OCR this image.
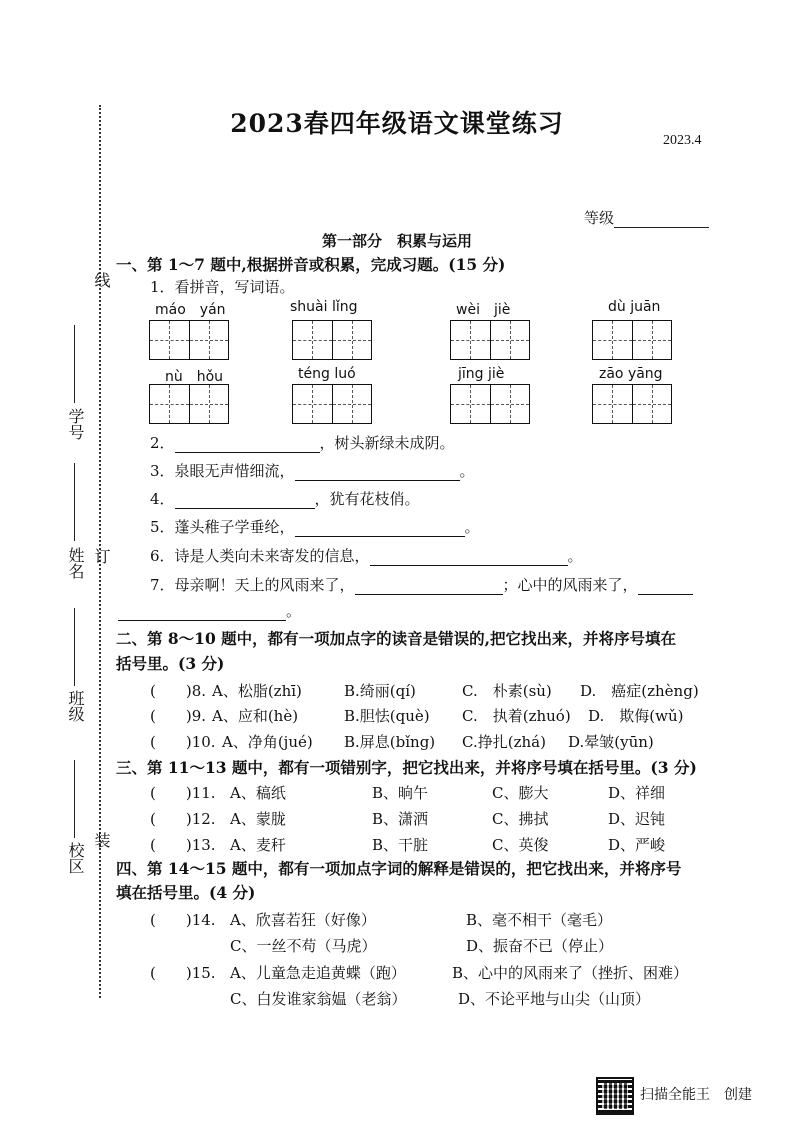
2023春四年级语文课堂练习
2023.4
等级
第一部分　积累与运用
线
订
装
学号
姓名
班级
校区
一、第 1～7 题中,根据拼音或积累，完成习题。(15 分)
1．看拼音，写词语。
máo　yán	shuài lǐng	wèi　jiè	dù juān
nù　hǒu	téng luó	jīng jiè	zāo yāng
2．	，树头新绿未成阴。
3．泉眼无声惜细流，	。
4．	，犹有花枝俏。
5．蓬头稚子学垂纶，	。
6．诗是人类向未来寄发的信息，	。
7．母亲啊！天上的风雨来了，	；心中的风雨来了，
。
二、第 8～10 题中，都有一项加点字的读音是错误的,把它找出来，并将序号填在
括号里。(3 分)
(　　)8. A、松脂(zhī)	B.绮丽(qí)	C.　朴素(sù) D.　癌症(zhèng)
(　　)9. A、应和(hè)	B.胆怯(què) C.　执着(zhuó) D.　欺侮(wǔ)
(　　)10. A、净角(jué) B.屏息(bǐng) C.挣扎(zhá) D.晕皱(yūn)
三、第 11～13 题中，都有一项错别字，把它找出来，并将序号填在括号里。(3 分)
(　　)11. A、稿纸	B、晌午	C、膨大	D、祥细
(　　)12. A、蒙胧	B、潇洒	C、拂拭	D、迟钝
(　　)13. A、麦秆	B、干脏	C、英俊	D、严峻
四、第 14～15 题中，都有一项加点字词的解释是错误的，把它找出来，并将序号
填在括号里。(4 分)
(　　)14. A、欣喜若狂（好像）	B、毫不相干（毫毛）
C、一丝不苟（马虎）	D、振奋不已（停止）
(　　)15. A、儿童急走追黄蝶（跑）	B、心中的风雨来了（挫折、困难）
C、白发谁家翁媪（老翁）	D、不论平地与山尖（山顶）
扫描全能王　创建
